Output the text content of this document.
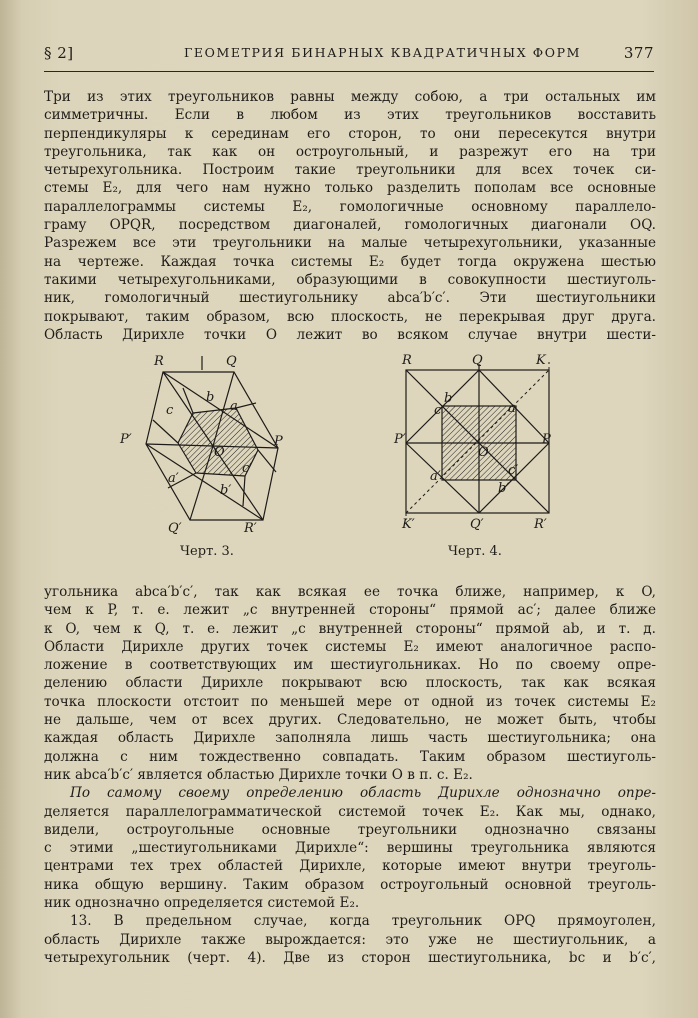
§ 2]	ГЕОМЕТРИЯ БИНАРНЫХ КВАДРАТИЧНЫХ ФОРМ	377
Три из этих треугольников равны между собою, а три остальных им
симметричны. Если в любом из этих треугольников восставить
перпендикуляры к серединам его сторон, то они пересекутся внутри
треугольника, так как он остроугольный, и разрежут его на три
четырехугольника. Построим такие треугольники для всех точек си-
стемы E₂, для чего нам нужно только разделить пополам все основные
параллелограммы системы E₂, гомологичные основному параллело-
граму OPQR, посредством диагоналей, гомологичных диагонали OQ.
Разрежем все эти треугольники на малые четырехугольники, указанные
на чертеже. Каждая точка системы E₂ будет тогда окружена шестью
такими четырехугольниками, образующими в совокупности шестиуголь-
ник, гомологичный шестиугольнику abca′b′c′. Эти шестиугольники
покрывают, таким образом, всю плоскость, не перекрывая друг друга.
Область Дирихле точки O лежит во всяком случае внутри шести-
R	Q
P
P′
Q′	R′
O
a
b
c
a′
b′
c′
Черт. 3.
R	Q	K
P
P′
K′	Q′	R′
O
a
b
c
a′
b′
c′
Черт. 4.
угольника abca′b′c′, так как всякая ее точка ближе, например, к O,
чем к P, т. е. лежит „с внутренней стороны“ прямой ac′; далее ближе
к O, чем к Q, т. е. лежит „с внутренней стороны“ прямой ab, и т. д.
Области Дирихле других точек системы E₂ имеют аналогичное распо-
ложение в соответствующих им шестиугольниках. Но по своему опре-
делению области Дирихле покрывают всю плоскость, так как всякая
точка плоскости отстоит по меньшей мере от одной из точек системы E₂
не дальше, чем от всех других. Следовательно, не может быть, чтобы
каждая область Дирихле заполняла лишь часть шестиугольника; она
должна с ним тождественно совпадать. Таким образом шестиуголь-
ник abca′b′c′ является областью Дирихле точки O в п. с. E₂.
По самому своему определению область Дирихле однозначно опре-
деляется параллелограмматической системой точек E₂. Как мы, однако,
видели, остроугольные основные треугольники однозначно связаны
с этими „шестиугольниками Дирихле“: вершины треугольника являются
центрами тех трех областей Дирихле, которые имеют внутри треуголь-
ника общую вершину. Таким образом остроугольный основной треуголь-
ник однозначно определяется системой E₂.
13. В предельном случае, когда треугольник OPQ прямоуголен,
область Дирихле также вырождается: это уже не шестиугольник, а
четырехугольник (черт. 4). Две из сторон шестиугольника, bc и b′c′,
